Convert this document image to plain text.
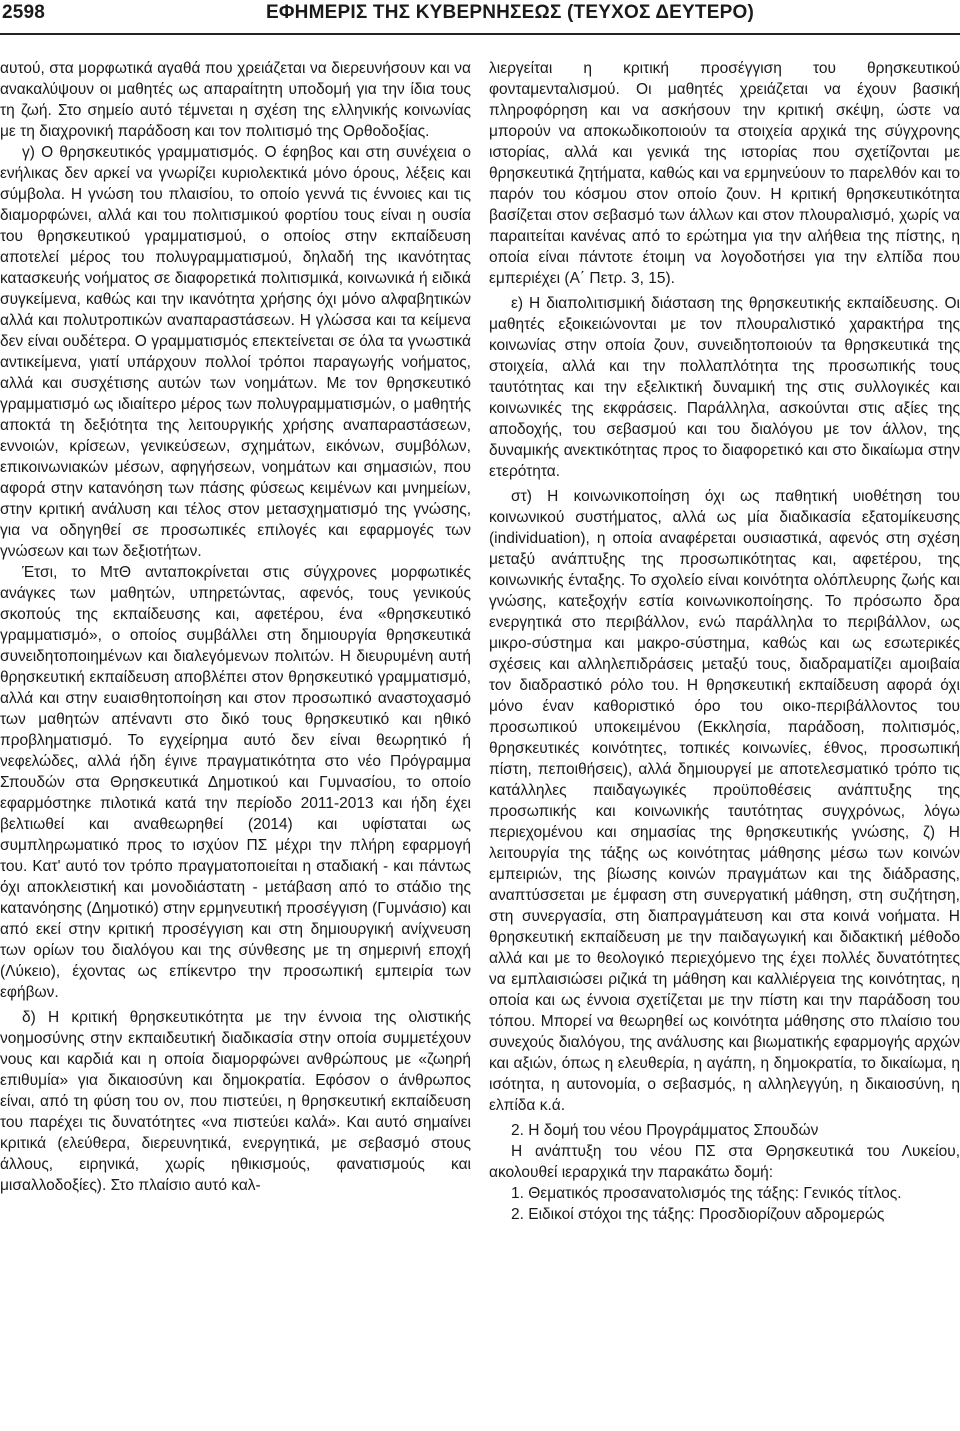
2598	ΕΦΗΜΕΡΙΣ ΤΗΣ ΚΥΒΕΡΝΗΣΕΩΣ (ΤΕΥΧΟΣ ΔΕΥΤΕΡΟ)

αυτού, στα μορφωτικά αγαθά που χρειάζεται να διερευνήσουν και να ανακαλύψουν οι μαθητές ως απαραίτητη υποδομή για την ίδια τους τη ζωή. Στο σημείο αυτό τέμνεται η σχέση της ελληνικής κοινωνίας με τη διαχρονική παράδοση και τον πολιτισμό της Ορθοδοξίας.

γ) Ο θρησκευτικός γραμματισμός. Ο έφηβος και στη συνέχεια ο ενήλικας δεν αρκεί να γνωρίζει κυριολεκτικά μόνο όρους, λέξεις και σύμβολα. Η γνώση του πλαισίου, το οποίο γεννά τις έννοιες και τις διαμορφώνει, αλλά και του πολιτισμικού φορτίου τους είναι η ουσία του θρησκευτικού γραμματισμού, ο οποίος στην εκπαίδευση αποτελεί μέρος του πολυγραμματισμού, δηλαδή της ικανότητας κατασκευής νοήματος σε διαφορετικά πολιτισμικά, κοινωνικά ή ειδικά συγκείμενα, καθώς και την ικανότητα χρήσης όχι μόνο αλφαβητικών αλλά και πολυτροπικών αναπαραστάσεων. Η γλώσσα και τα κείμενα δεν είναι ουδέτερα. Ο γραμματισμός επεκτείνεται σε όλα τα γνωστικά αντικείμενα, γιατί υπάρχουν πολλοί τρόποι παραγωγής νοήματος, αλλά και συσχέτισης αυτών των νοημάτων. Με τον θρησκευτικό γραμματισμό ως ιδιαίτερο μέρος των πολυγραμματισμών, ο μαθητής αποκτά τη δεξιότητα της λειτουργικής χρήσης αναπαραστάσεων, εννοιών, κρίσεων, γενικεύσεων, σχημάτων, εικόνων, συμβόλων, επικοινωνιακών μέσων, αφηγήσεων, νοημάτων και σημασιών, που αφορά στην κατανόηση των πάσης φύσεως κειμένων και μνημείων, στην κριτική ανάλυση και τέλος στον μετασχηματισμό της γνώσης, για να οδηγηθεί σε προσωπικές επιλογές και εφαρμογές των γνώσεων και των δεξιοτήτων.

Έτσι, το ΜτΘ ανταποκρίνεται στις σύγχρονες μορφωτικές ανάγκες των μαθητών, υπηρετώντας, αφενός, τους γενικούς σκοπούς της εκπαίδευσης και, αφετέρου, ένα «θρησκευτικό γραμματισμό», ο οποίος συμβάλλει στη δημιουργία θρησκευτικά συνειδητοποιημένων και διαλεγόμενων πολιτών. Η διευρυμένη αυτή θρησκευτική εκπαίδευση αποβλέπει στον θρησκευτικό γραμματισμό, αλλά και στην ευαισθητοποίηση και στον προσωπικό αναστοχασμό των μαθητών απέναντι στο δικό τους θρησκευτικό και ηθικό προβληματισμό. Το εγχείρημα αυτό δεν είναι θεωρητικό ή νεφελώδες, αλλά ήδη έγινε πραγματικότητα στο νέο Πρόγραμμα Σπουδών στα Θρησκευτικά Δημοτικού και Γυμνασίου, το οποίο εφαρμόστηκε πιλοτικά κατά την περίοδο 2011-2013 και ήδη έχει βελτιωθεί και αναθεωρηθεί (2014) και υφίσταται ως συμπληρωματικό προς το ισχύον ΠΣ μέχρι την πλήρη εφαρμογή του. Κατ' αυτό τον τρόπο πραγματοποιείται η σταδιακή - και πάντως όχι αποκλειστική και μονοδιάστατη - μετάβαση από το στάδιο της κατανόησης (Δημοτικό) στην ερμηνευτική προσέγγιση (Γυμνάσιο) και από εκεί στην κριτική προσέγγιση και στη δημιουργική ανίχνευση των ορίων του διαλόγου και της σύνθεσης με τη σημερινή εποχή (Λύκειο), έχοντας ως επίκεντρο την προσωπική εμπειρία των εφήβων.

δ) Η κριτική θρησκευτικότητα με την έννοια της ολιστικής νοημοσύνης στην εκπαιδευτική διαδικασία στην οποία συμμετέχουν νους και καρδιά και η οποία διαμορφώνει ανθρώπους με «ζωηρή επιθυμία» για δικαιοσύνη και δημοκρατία. Εφόσον ο άνθρωπος είναι, από τη φύση του ον, που πιστεύει, η θρησκευτική εκπαίδευση του παρέχει τις δυνατότητες «να πιστεύει καλά». Και αυτό σημαίνει κριτικά (ελεύθερα, διερευνητικά, ενεργητικά, με σεβασμό στους άλλους, ειρηνικά, χωρίς ηθικισμούς, φανατισμούς και μισαλλοδοξίες). Στο πλαίσιο αυτό καλ-

λιεργείται η κριτική προσέγγιση του θρησκευτικού φονταμενταλισμού. Οι μαθητές χρειάζεται να έχουν βασική πληροφόρηση και να ασκήσουν την κριτική σκέψη, ώστε να μπορούν να αποκωδικοποιούν τα στοιχεία αρχικά της σύγχρονης ιστορίας, αλλά και γενικά της ιστορίας που σχετίζονται με θρησκευτικά ζητήματα, καθώς και να ερμηνεύουν το παρελθόν και το παρόν του κόσμου στον οποίο ζουν. Η κριτική θρησκευτικότητα βασίζεται στον σεβασμό των άλλων και στον πλουραλισμό, χωρίς να παραιτείται κανένας από το ερώτημα για την αλήθεια της πίστης, η οποία είναι πάντοτε έτοιμη να λογοδοτήσει για την ελπίδα που εμπεριέχει (Α΄ Πετρ. 3, 15).

ε) Η διαπολιτισμική διάσταση της θρησκευτικής εκπαίδευσης. Οι μαθητές εξοικειώνονται με τον πλουραλιστικό χαρακτήρα της κοινωνίας στην οποία ζουν, συνειδητοποιούν τα θρησκευτικά της στοιχεία, αλλά και την πολλαπλότητα της προσωπικής τους ταυτότητας και την εξελικτική δυναμική της στις συλλογικές και κοινωνικές της εκφράσεις. Παράλληλα, ασκούνται στις αξίες της αποδοχής, του σεβασμού και του διαλόγου με τον άλλον, της δυναμικής ανεκτικότητας προς το διαφορετικό και στο δικαίωμα στην ετερότητα.

στ) Η κοινωνικοποίηση όχι ως παθητική υιοθέτηση του κοινωνικού συστήματος, αλλά ως μία διαδικασία εξατομίκευσης (individuation), η οποία αναφέρεται ουσιαστικά, αφενός στη σχέση μεταξύ ανάπτυξης της προσωπικότητας και, αφετέρου, της κοινωνικής ένταξης. Το σχολείο είναι κοινότητα ολόπλευρης ζωής και γνώσης, κατεξοχήν εστία κοινωνικοποίησης. Το πρόσωπο δρα ενεργητικά στο περιβάλλον, ενώ παράλληλα το περιβάλλον, ως μικρο-σύστημα και μακρο-σύστημα, καθώς και ως εσωτερικές σχέσεις και αλληλεπιδράσεις μεταξύ τους, διαδραματίζει αμοιβαία τον διαδραστικό ρόλο του. Η θρησκευτική εκπαίδευση αφορά όχι μόνο έναν καθοριστικό όρο του οικο-περιβάλλοντος του προσωπικού υποκειμένου (Εκκλησία, παράδοση, πολιτισμός, θρησκευτικές κοινότητες, τοπικές κοινωνίες, έθνος, προσωπική πίστη, πεποιθήσεις), αλλά δημιουργεί με αποτελεσματικό τρόπο τις κατάλληλες παιδαγωγικές προϋποθέσεις ανάπτυξης της προσωπικής και κοινωνικής ταυτότητας συγχρόνως, λόγω περιεχομένου και σημασίας της θρησκευτικής γνώσης, ζ) Η λειτουργία της τάξης ως κοινότητας μάθησης μέσω των κοινών εμπειριών, της βίωσης κοινών πραγμάτων και της διάδρασης, αναπτύσσεται με έμφαση στη συνεργατική μάθηση, στη συζήτηση, στη συνεργασία, στη διαπραγμάτευση και στα κοινά νοήματα. Η θρησκευτική εκπαίδευση με την παιδαγωγική και διδακτική μέθοδο αλλά και με το θεολογικό περιεχόμενο της έχει πολλές δυνατότητες να εμπλαισιώσει ριζικά τη μάθηση και καλλιέργεια της κοινότητας, η οποία και ως έννοια σχετίζεται με την πίστη και την παράδοση του τόπου. Μπορεί να θεωρηθεί ως κοινότητα μάθησης στο πλαίσιο του συνεχούς διαλόγου, της ανάλυσης και βιωματικής εφαρμογής αρχών και αξιών, όπως η ελευθερία, η αγάπη, η δημοκρατία, το δικαίωμα, η ισότητα, η αυτονομία, ο σεβασμός, η αλληλεγγύη, η δικαιοσύνη, η ελπίδα κ.ά.

2. Η δομή του νέου Προγράμματος Σπουδών

Η ανάπτυξη του νέου ΠΣ στα Θρησκευτικά του Λυκείου, ακολουθεί ιεραρχικά την παρακάτω δομή:

1. Θεματικός προσανατολισμός της τάξης: Γενικός τίτλος.

2. Ειδικοί στόχοι της τάξης: Προσδιορίζουν αδρομερώς
